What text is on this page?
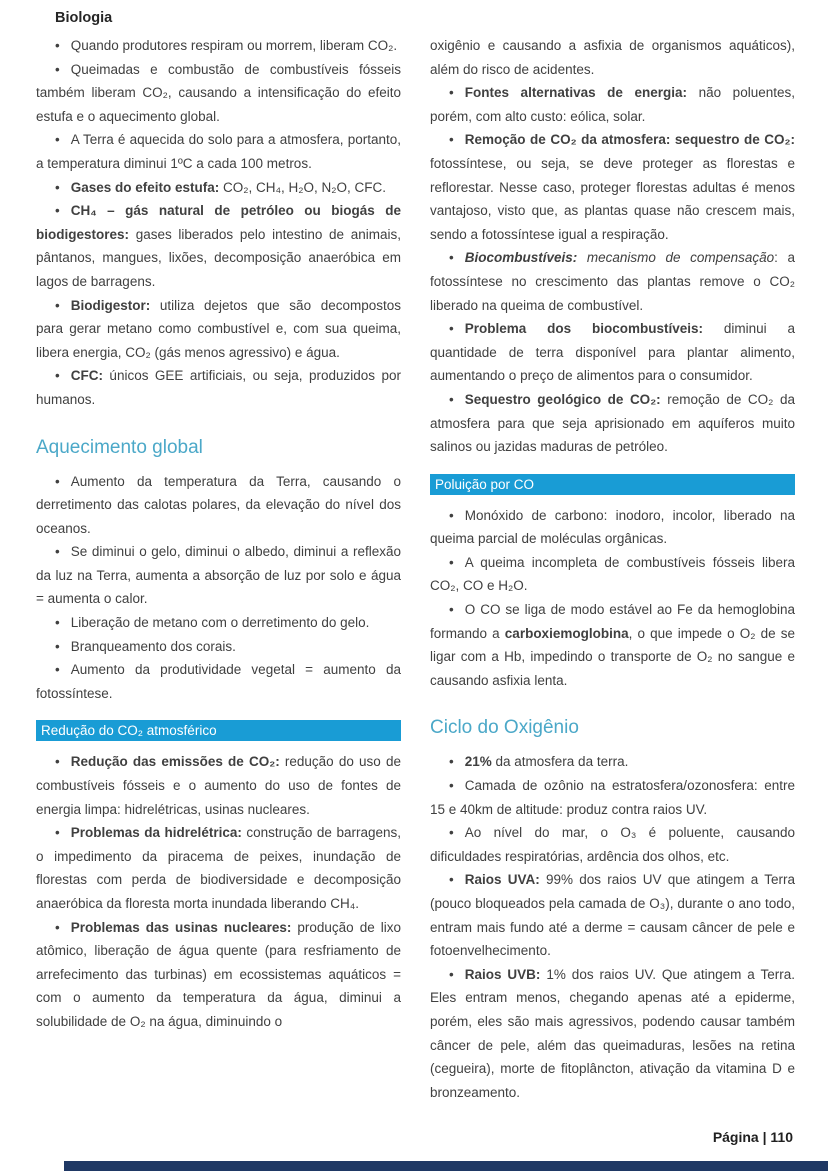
Biologia

• Quando produtores respiram ou morrem, liberam CO₂.

• Queimadas e combustão de combustíveis fósseis também liberam CO₂, causando a intensificação do efeito estufa e o aquecimento global.

• A Terra é aquecida do solo para a atmosfera, portanto, a temperatura diminui 1ºC a cada 100 metros.

• Gases do efeito estufa: CO₂, CH₄, H₂O, N₂O, CFC.

• CH₄ – gás natural de petróleo ou biogás de biodigestores: gases liberados pelo intestino de animais, pântanos, mangues, lixões, decomposição anaeróbica em lagos de barragens.

• Biodigestor: utiliza dejetos que são decompostos para gerar metano como combustível e, com sua queima, libera energia, CO₂ (gás menos agressivo) e água.

• CFC: únicos GEE artificiais, ou seja, produzidos por humanos.

Aquecimento global

• Aumento da temperatura da Terra, causando o derretimento das calotas polares, da elevação do nível dos oceanos.

• Se diminui o gelo, diminui o albedo, diminui a reflexão da luz na Terra, aumenta a absorção de luz por solo e água = aumenta o calor.

• Liberação de metano com o derretimento do gelo.

• Branqueamento dos corais.

• Aumento da produtividade vegetal = aumento da fotossíntese.

Redução do CO₂ atmosférico

• Redução das emissões de CO₂: redução do uso de combustíveis fósseis e o aumento do uso de fontes de energia limpa: hidrelétricas, usinas nucleares.

• Problemas da hidrelétrica: construção de barragens, o impedimento da piracema de peixes, inundação de florestas com perda de biodiversidade e decomposição anaeróbica da floresta morta inundada liberando CH₄.

• Problemas das usinas nucleares: produção de lixo atômico, liberação de água quente (para resfriamento de arrefecimento das turbinas) em ecossistemas aquáticos = com o aumento da temperatura da água, diminui a solubilidade de O₂ na água, diminuindo o

oxigênio e causando a asfixia de organismos aquáticos), além do risco de acidentes.

• Fontes alternativas de energia: não poluentes, porém, com alto custo: eólica, solar.

• Remoção de CO₂ da atmosfera: sequestro de CO₂: fotossíntese, ou seja, se deve proteger as florestas e reflorestar. Nesse caso, proteger florestas adultas é menos vantajoso, visto que, as plantas quase não crescem mais, sendo a fotossíntese igual a respiração.

• Biocombustíveis: mecanismo de compensação: a fotossíntese no crescimento das plantas remove o CO₂ liberado na queima de combustível.

• Problema dos biocombustíveis: diminui a quantidade de terra disponível para plantar alimento, aumentando o preço de alimentos para o consumidor.

• Sequestro geológico de CO₂: remoção de CO₂ da atmosfera para que seja aprisionado em aquíferos muito salinos ou jazidas maduras de petróleo.

Poluição por CO

• Monóxido de carbono: inodoro, incolor, liberado na queima parcial de moléculas orgânicas.

• A queima incompleta de combustíveis fósseis libera CO₂, CO e H₂O.

• O CO se liga de modo estável ao Fe da hemoglobina formando a carboxiemoglobina, o que impede o O₂ de se ligar com a Hb, impedindo o transporte de O₂ no sangue e causando asfixia lenta.

Ciclo do Oxigênio

• 21% da atmosfera da terra.

• Camada de ozônio na estratosfera/ozonosfera: entre 15 e 40km de altitude: produz contra raios UV.

• Ao nível do mar, o O₃ é poluente, causando dificuldades respiratórias, ardência dos olhos, etc.

• Raios UVA: 99% dos raios UV que atingem a Terra (pouco bloqueados pela camada de O₃), durante o ano todo, entram mais fundo até a derme = causam câncer de pele e fotoenvelhecimento.

• Raios UVB: 1% dos raios UV. Que atingem a Terra. Eles entram menos, chegando apenas até a epiderme, porém, eles são mais agressivos, podendo causar também câncer de pele, além das queimaduras, lesões na retina (cegueira), morte de fitoplâncton, ativação da vitamina D e bronzeamento.

Página | 110
